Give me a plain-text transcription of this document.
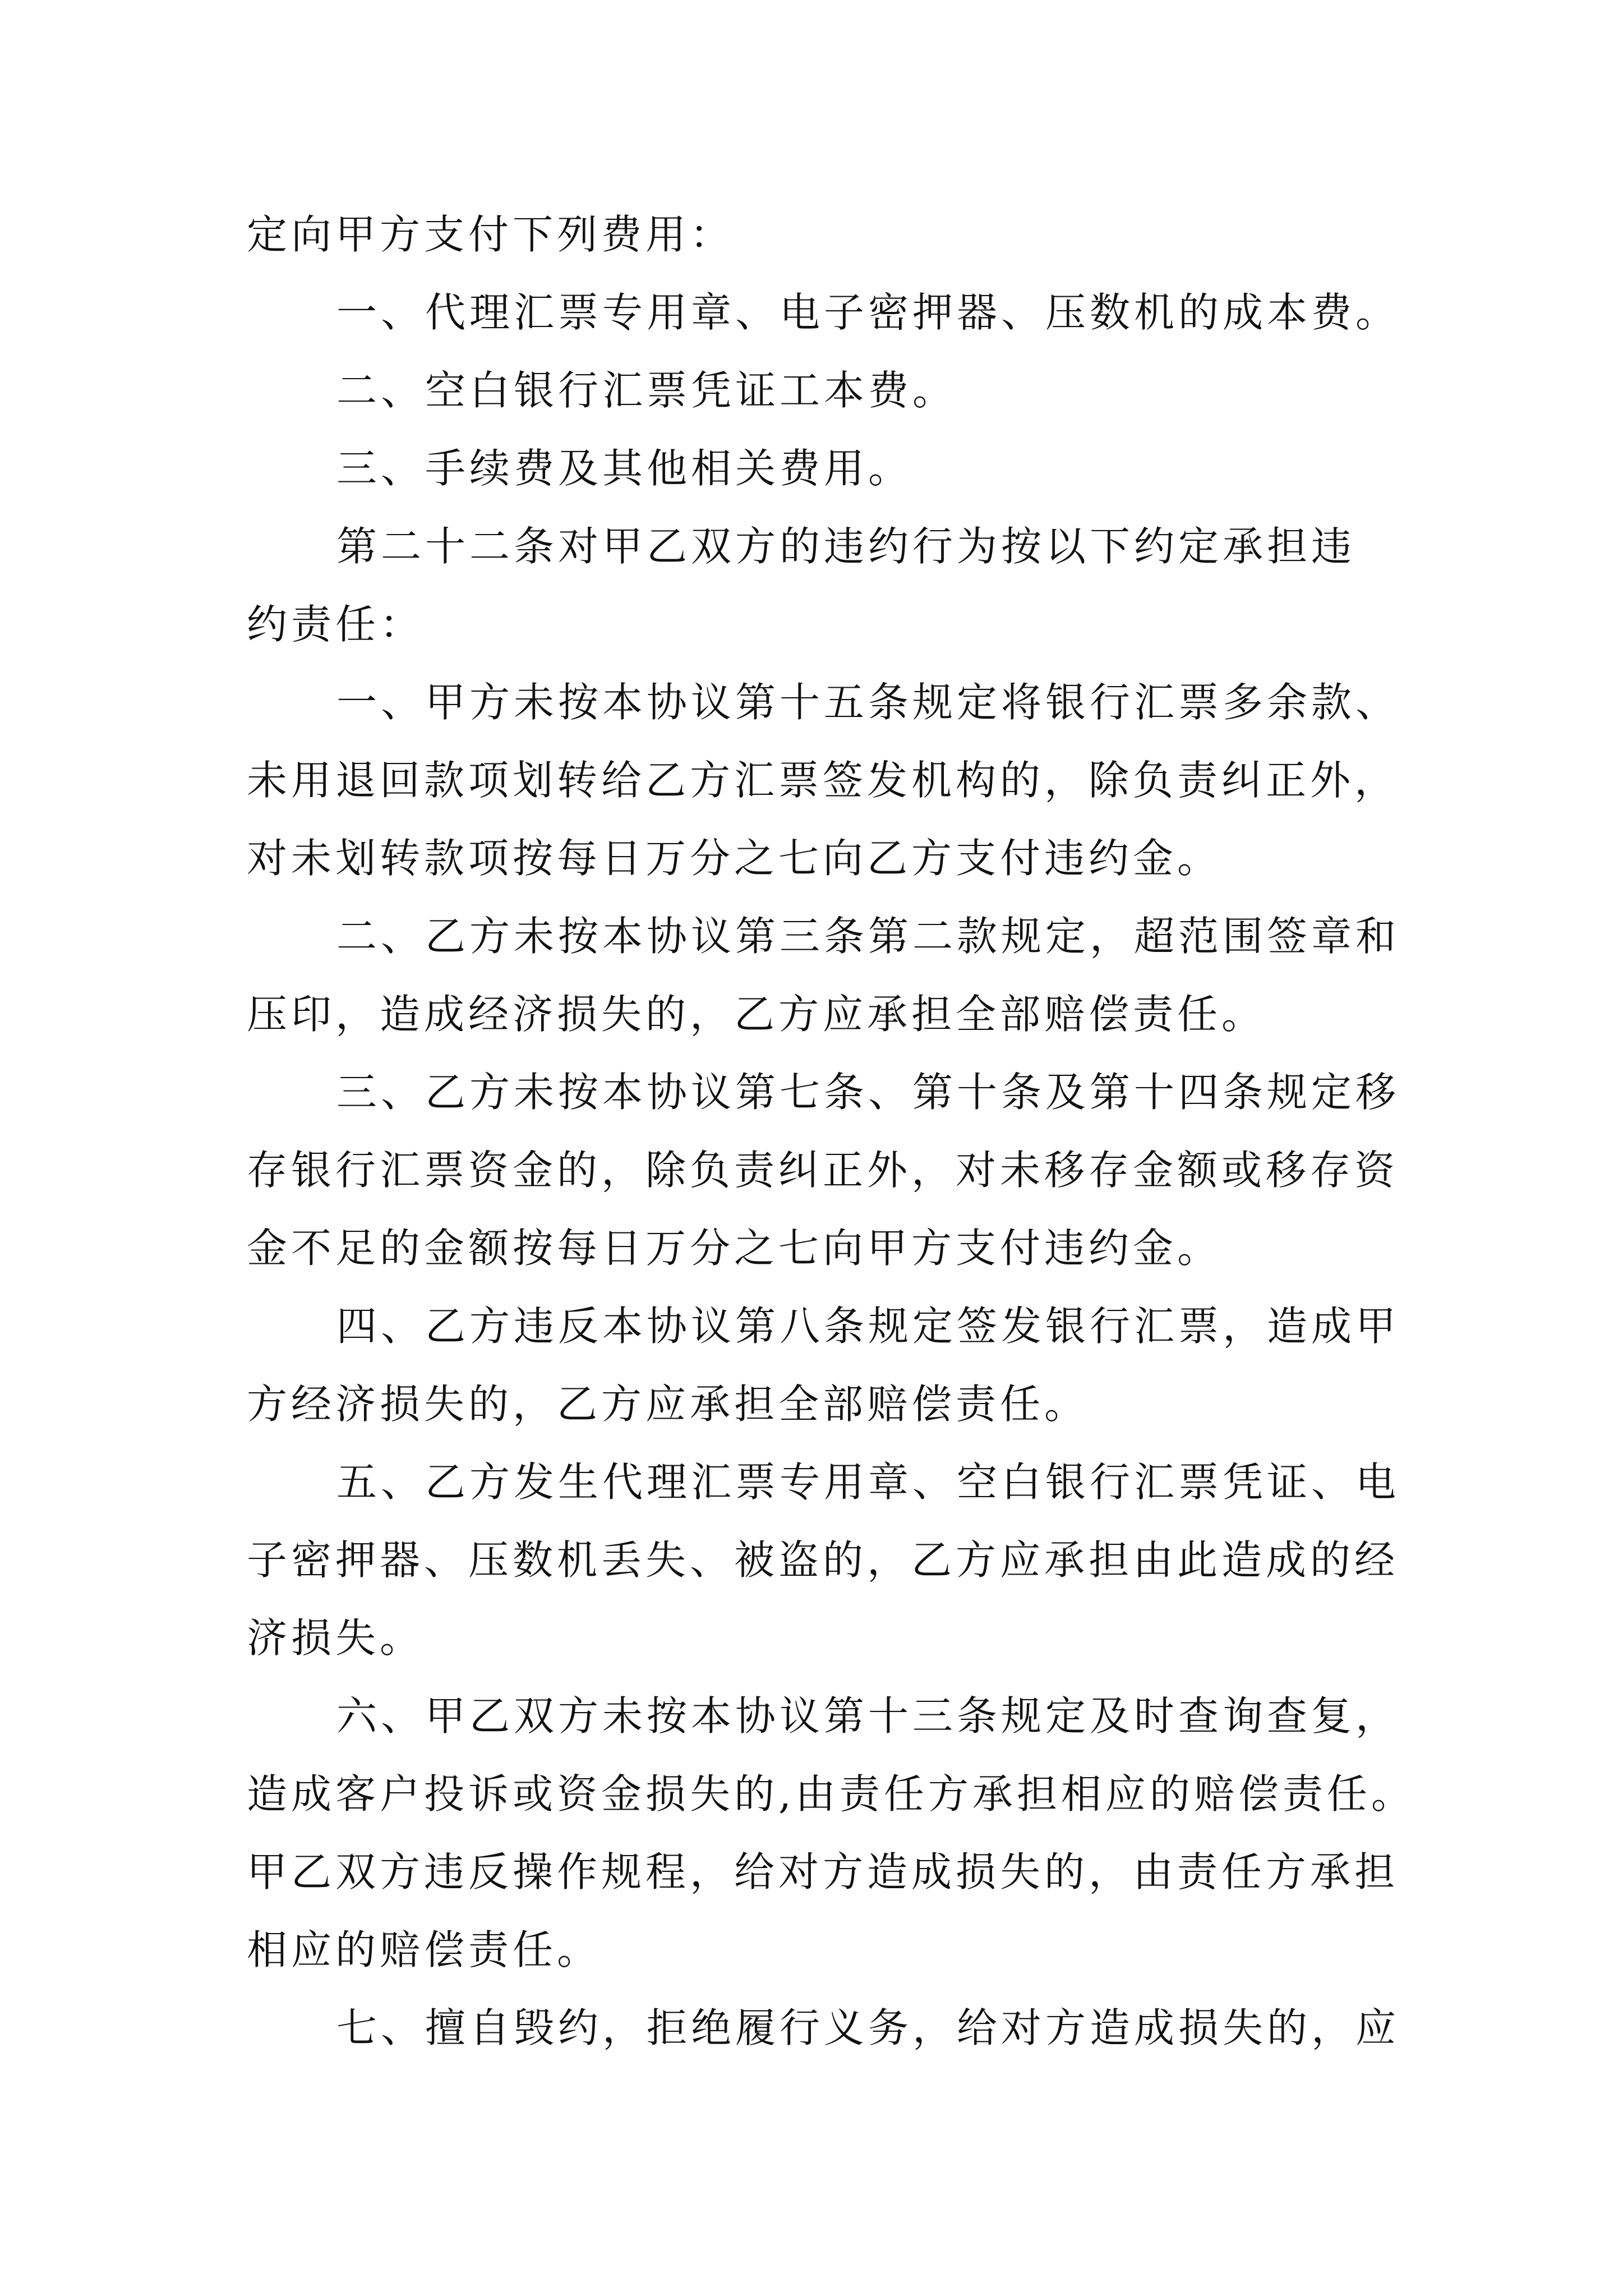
定向甲方支付下列费用：
一、代理汇票专用章、电子密押器、压数机的成本费。
二、空白银行汇票凭证工本费。
三、手续费及其他相关费用。
第二十二条对甲乙双方的违约行为按以下约定承担违
约责任：
一、甲方未按本协议第十五条规定将银行汇票多余款、
未用退回款项划转给乙方汇票签发机构的，除负责纠正外，
对未划转款项按每日万分之七向乙方支付违约金。
二、乙方未按本协议第三条第二款规定，超范围签章和
压印，造成经济损失的，乙方应承担全部赔偿责任。
三、乙方未按本协议第七条、第十条及第十四条规定移
存银行汇票资金的，除负责纠正外，对未移存金额或移存资
金不足的金额按每日万分之七向甲方支付违约金。
四、乙方违反本协议第八条规定签发银行汇票，造成甲
方经济损失的，乙方应承担全部赔偿责任。
五、乙方发生代理汇票专用章、空白银行汇票凭证、电
子密押器、压数机丢失、被盗的，乙方应承担由此造成的经
济损失。
六、甲乙双方未按本协议第十三条规定及时查询查复，
造成客户投诉或资金损失的,由责任方承担相应的赔偿责任。
甲乙双方违反操作规程，给对方造成损失的，由责任方承担
相应的赔偿责任。
七、擅自毁约，拒绝履行义务，给对方造成损失的，应
